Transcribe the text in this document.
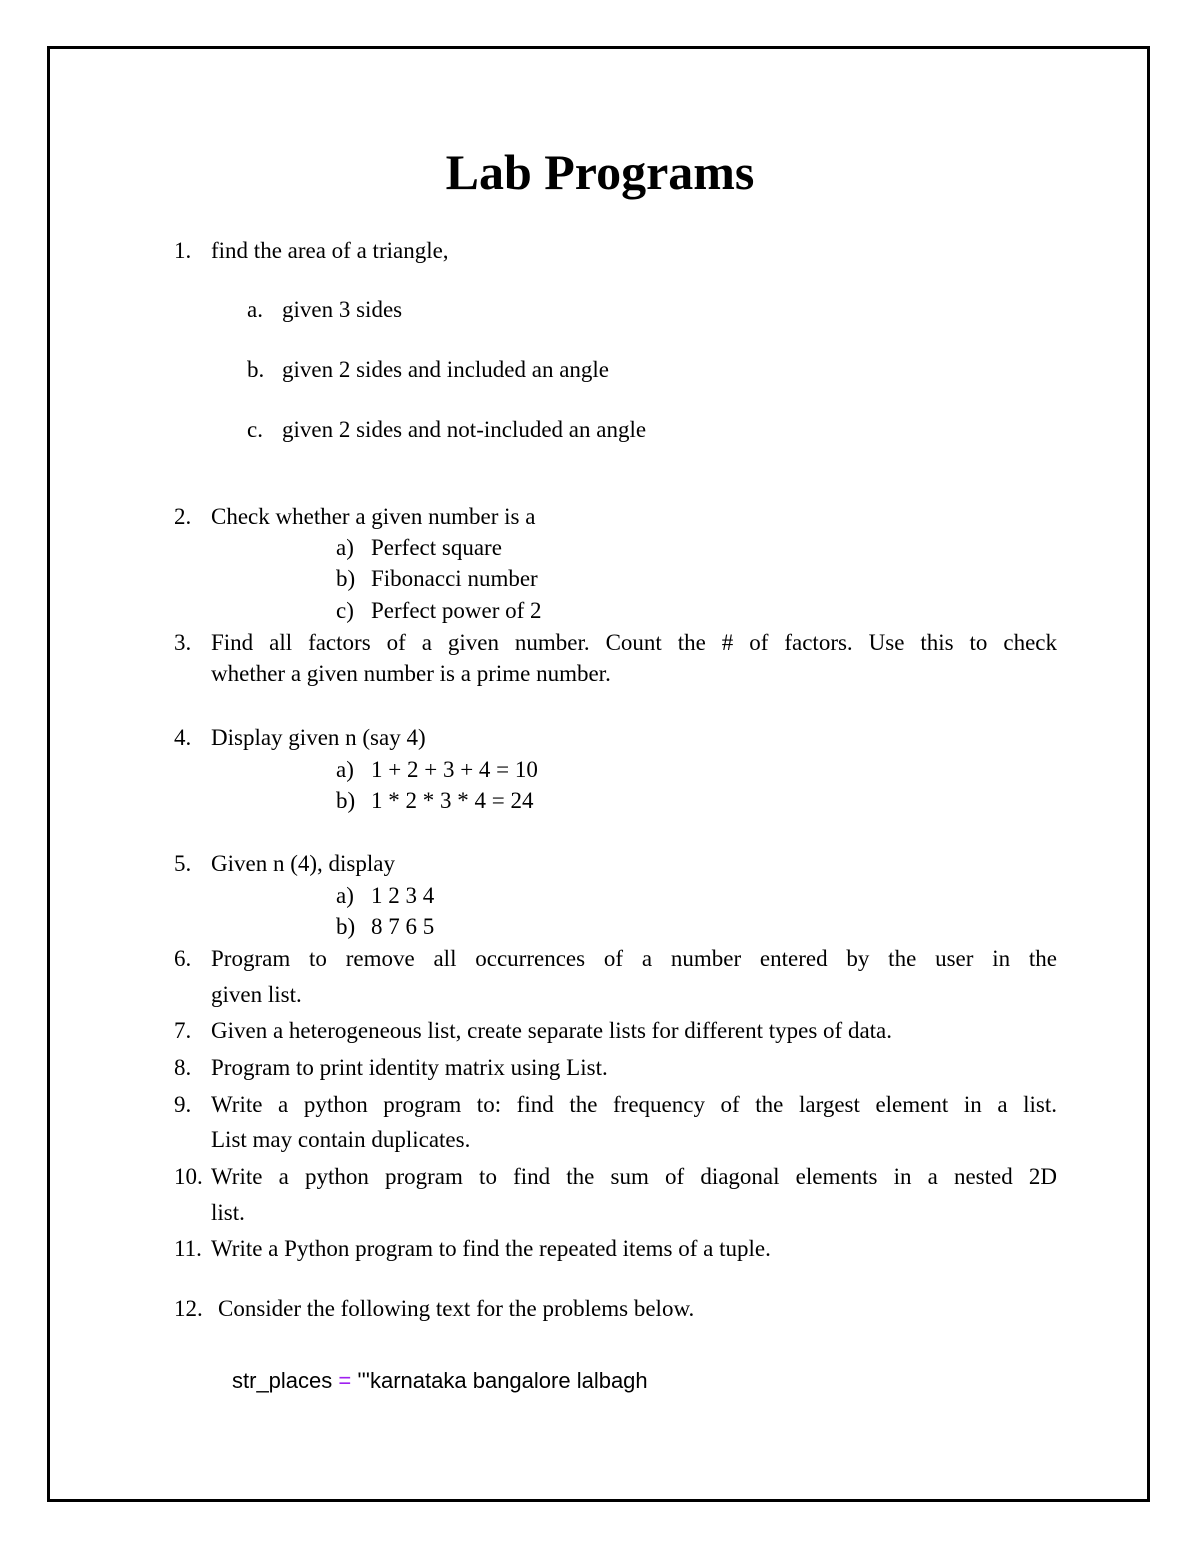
Lab Programs
1. find the area of a triangle,
a. given 3 sides
b. given 2 sides and included an angle
c. given 2 sides and not-included an angle
2. Check whether a given number is a
a) Perfect square
b) Fibonacci number
c) Perfect power of 2
3. Find all factors of a given number. Count the # of factors. Use this to check
whether a given number is a prime number.
4. Display given n (say 4)
a) 1 + 2 + 3 + 4 = 10
b) 1 * 2 * 3 * 4 = 24
5. Given n (4), display
a) 1 2 3 4
b) 8 7 6 5
6. Program to remove all occurrences of a number entered by the user in the
given list.
7. Given a heterogeneous list, create separate lists for different types of data.
8. Program to print identity matrix using List.
9. Write a python program to: find the frequency of the largest element in a list.
List may contain duplicates.
10. Write a python program to find the sum of diagonal elements in a nested 2D
list.
11. Write a Python program to find the repeated items of a tuple.
12. Consider the following text for the problems below.
str_places = '''karnataka bangalore lalbagh
